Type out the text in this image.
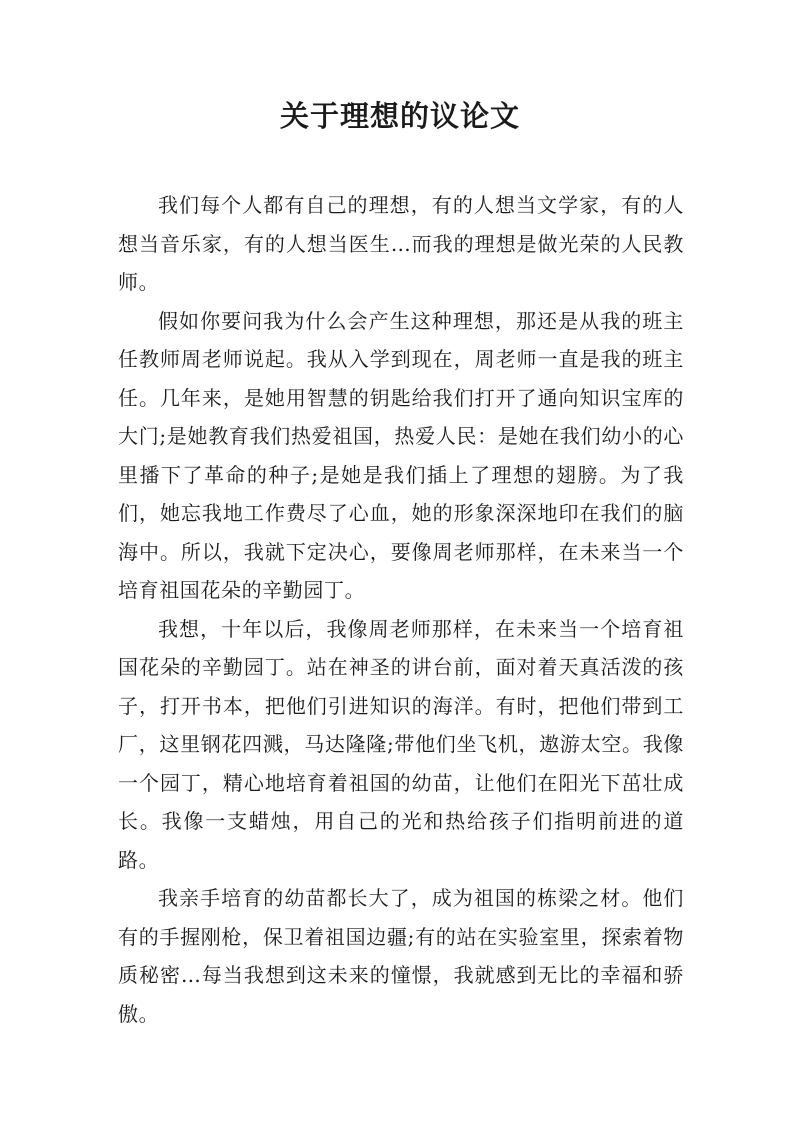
关于理想的议论文

我们每个人都有自己的理想，有的人想当文学家，有的人想当音乐家，有的人想当医生…而我的理想是做光荣的人民教师。

假如你要问我为什么会产生这种理想，那还是从我的班主任教师周老师说起。我从入学到现在，周老师一直是我的班主任。几年来，是她用智慧的钥匙给我们打开了通向知识宝库的大门;是她教育我们热爱祖国，热爱人民：是她在我们幼小的心里播下了革命的种子;是她是我们插上了理想的翅膀。为了我们，她忘我地工作费尽了心血，她的形象深深地印在我们的脑海中。所以，我就下定决心，要像周老师那样，在未来当一个培育祖国花朵的辛勤园丁。

我想，十年以后，我像周老师那样，在未来当一个培育祖国花朵的辛勤园丁。站在神圣的讲台前，面对着天真活泼的孩子，打开书本，把他们引进知识的海洋。有时，把他们带到工厂，这里钢花四溅，马达隆隆;带他们坐飞机，遨游太空。我像一个园丁，精心地培育着祖国的幼苗，让他们在阳光下茁壮成长。我像一支蜡烛，用自己的光和热给孩子们指明前进的道路。

我亲手培育的幼苗都长大了，成为祖国的栋梁之材。他们有的手握刚枪，保卫着祖国边疆;有的站在实验室里，探索着物质秘密…每当我想到这未来的憧憬，我就感到无比的幸福和骄傲。
